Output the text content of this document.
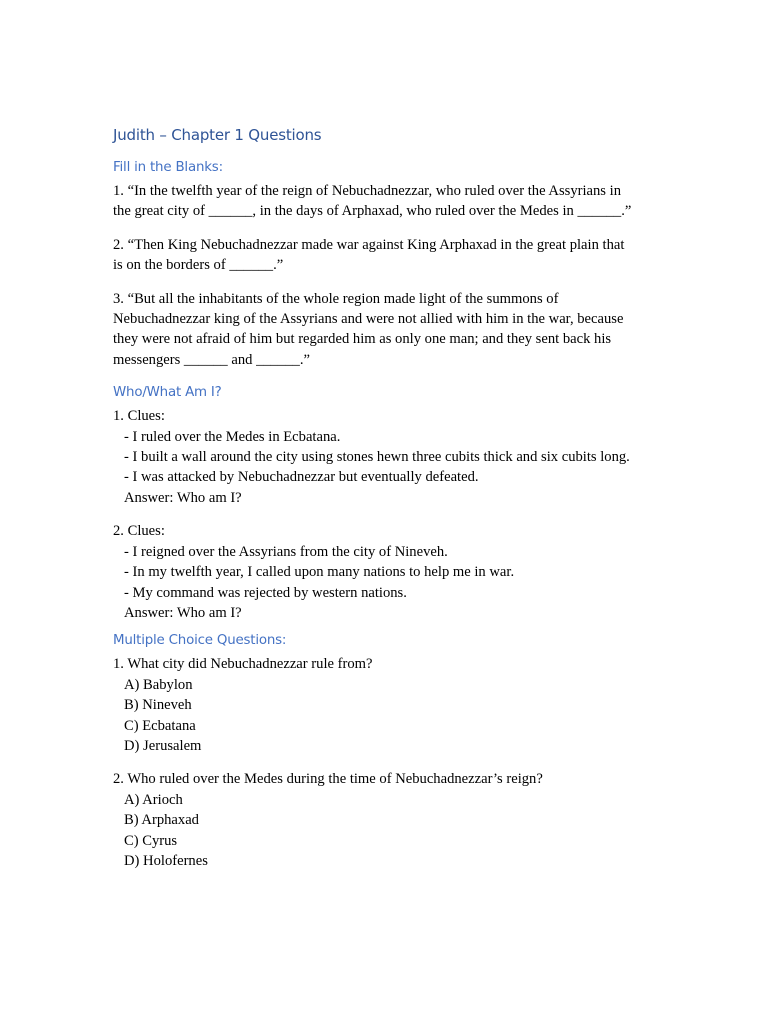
Judith – Chapter 1 Questions
Fill in the Blanks:
1. “In the twelfth year of the reign of Nebuchadnezzar, who ruled over the Assyrians in
the great city of ______, in the days of Arphaxad, who ruled over the Medes in ______.”
2. “Then King Nebuchadnezzar made war against King Arphaxad in the great plain that
is on the borders of ______.”
3. “But all the inhabitants of the whole region made light of the summons of
Nebuchadnezzar king of the Assyrians and were not allied with him in the war, because
they were not afraid of him but regarded him as only one man; and they sent back his
messengers ______ and ______.”
Who/What Am I?
1. Clues:
- I ruled over the Medes in Ecbatana.
- I built a wall around the city using stones hewn three cubits thick and six cubits long.
- I was attacked by Nebuchadnezzar but eventually defeated.
Answer: Who am I?
2. Clues:
- I reigned over the Assyrians from the city of Nineveh.
- In my twelfth year, I called upon many nations to help me in war.
- My command was rejected by western nations.
Answer: Who am I?
Multiple Choice Questions:
1. What city did Nebuchadnezzar rule from?
A) Babylon
B) Nineveh
C) Ecbatana
D) Jerusalem
2. Who ruled over the Medes during the time of Nebuchadnezzar’s reign?
A) Arioch
B) Arphaxad
C) Cyrus
D) Holofernes
